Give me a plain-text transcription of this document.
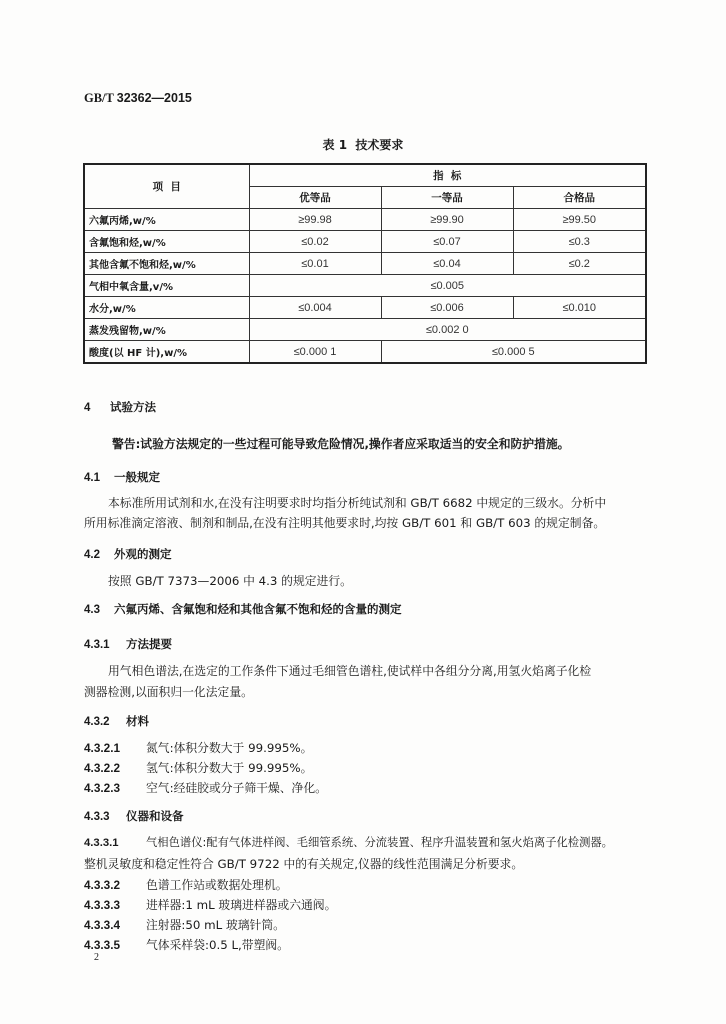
GB/T 32362—2015
表 1  技术要求
项  目	指  标		
	优等品	一等品	合格品
六氟丙烯,w/%	≥99.98	≥99.90	≥99.50
含氟饱和烃,w/%	≤0.02	≤0.07	≤0.3
其他含氟不饱和烃,w/%	≤0.01	≤0.04	≤0.2
气相中氧含量,v/%	≤0.005		
水分,w/%	≤0.004	≤0.006	≤0.010
蒸发残留物,w/%	≤0.002 0		
酸度(以 HF 计),w/%	≤0.000 1	≤0.000 5	
4 试验方法
警告:试验方法规定的一些过程可能导致危险情况,操作者应采取适当的安全和防护措施。
4.1 一般规定
本标准所用试剂和水,在没有注明要求时均指分析纯试剂和 GB/T 6682 中规定的三级水。分析中
所用标准滴定溶液、制剂和制品,在没有注明其他要求时,均按 GB/T 601 和 GB/T 603 的规定制备。
4.2 外观的测定
按照 GB/T 7373—2006 中 4.3 的规定进行。
4.3 六氟丙烯、含氟饱和烃和其他含氟不饱和烃的含量的测定
4.3.1 方法提要
用气相色谱法,在选定的工作条件下通过毛细管色谱柱,使试样中各组分分离,用氢火焰离子化检
测器检测,以面积归一化法定量。
4.3.2 材料
4.3.2.1 氮气:体积分数大于 99.995%。
4.3.2.2 氢气:体积分数大于 99.995%。
4.3.2.3 空气:经硅胶或分子筛干燥、净化。
4.3.3 仪器和设备
4.3.3.1 气相色谱仪:配有气体进样阀、毛细管系统、分流装置、程序升温装置和氢火焰离子化检测器。
整机灵敏度和稳定性符合 GB/T 9722 中的有关规定,仪器的线性范围满足分析要求。
4.3.3.2 色谱工作站或数据处理机。
4.3.3.3 进样器:1 mL 玻璃进样器或六通阀。
4.3.3.4 注射器:50 mL 玻璃针筒。
4.3.3.5 气体采样袋:0.5 L,带塑阀。
2
